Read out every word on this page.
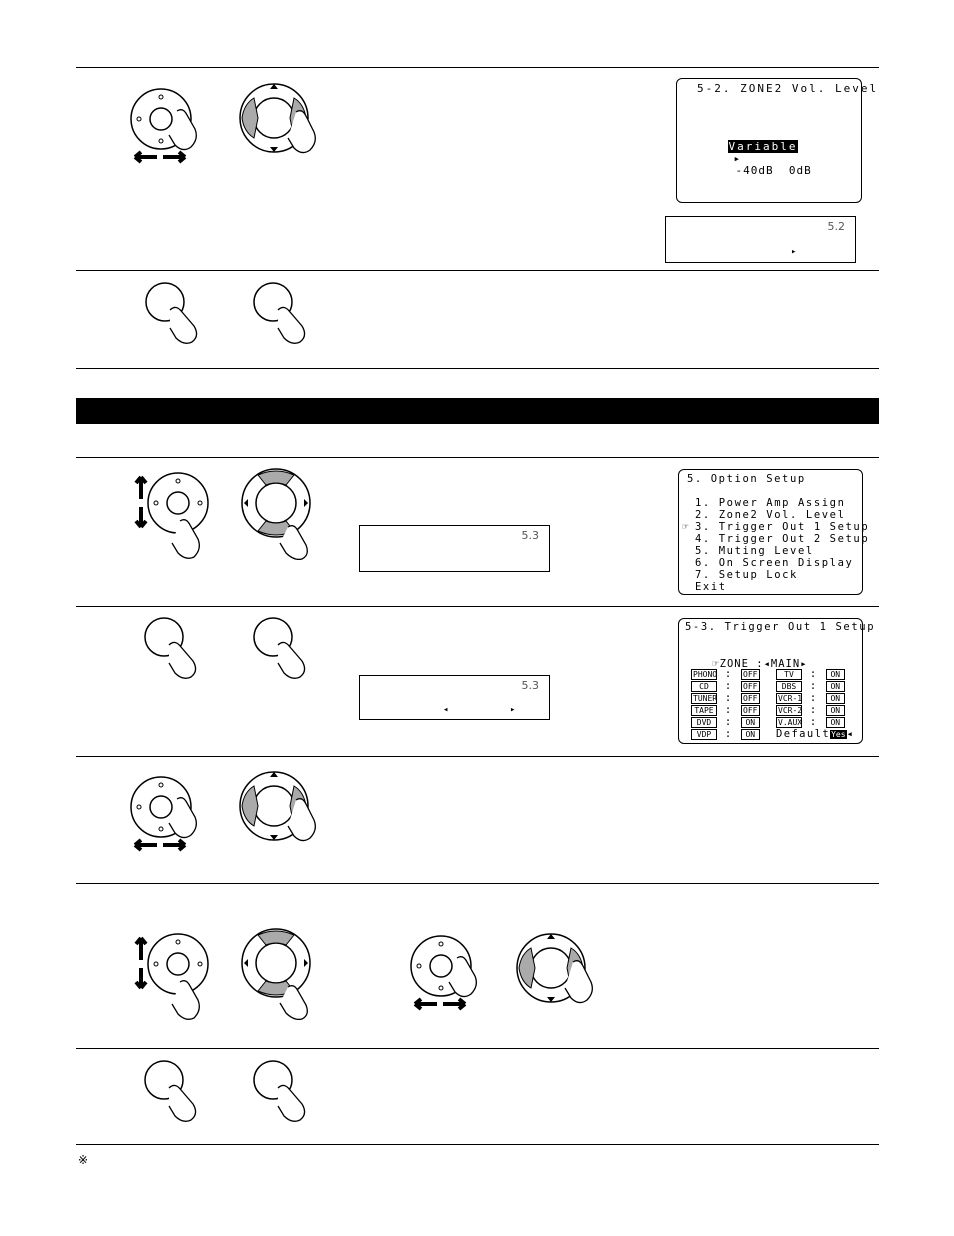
5-2. ZONE2 Vol. Level

Variable
▸
-40dB  0dB

5.2
▸
5.3
5. Option Setup
1. Power Amp Assign
2. Zone2 Vol. Level
☞ 3. Trigger Out 1 Setup
4. Trigger Out 2 Setup
5. Muting Level
6. On Screen Display
7. Setup Lock
Exit
5.3
◂	▸
5-3. Trigger Out 1 Setup

☞ZONE :◂MAIN▸

PHONO : OFF
CD : OFF
TUNER : OFF
TAPE : OFF
DVD : ON
VDP : ON
TV : ON
DBS : ON
VCR-1 : ON
VCR-2 : ON
V.AUX : ON
DefaultYes◂
※
